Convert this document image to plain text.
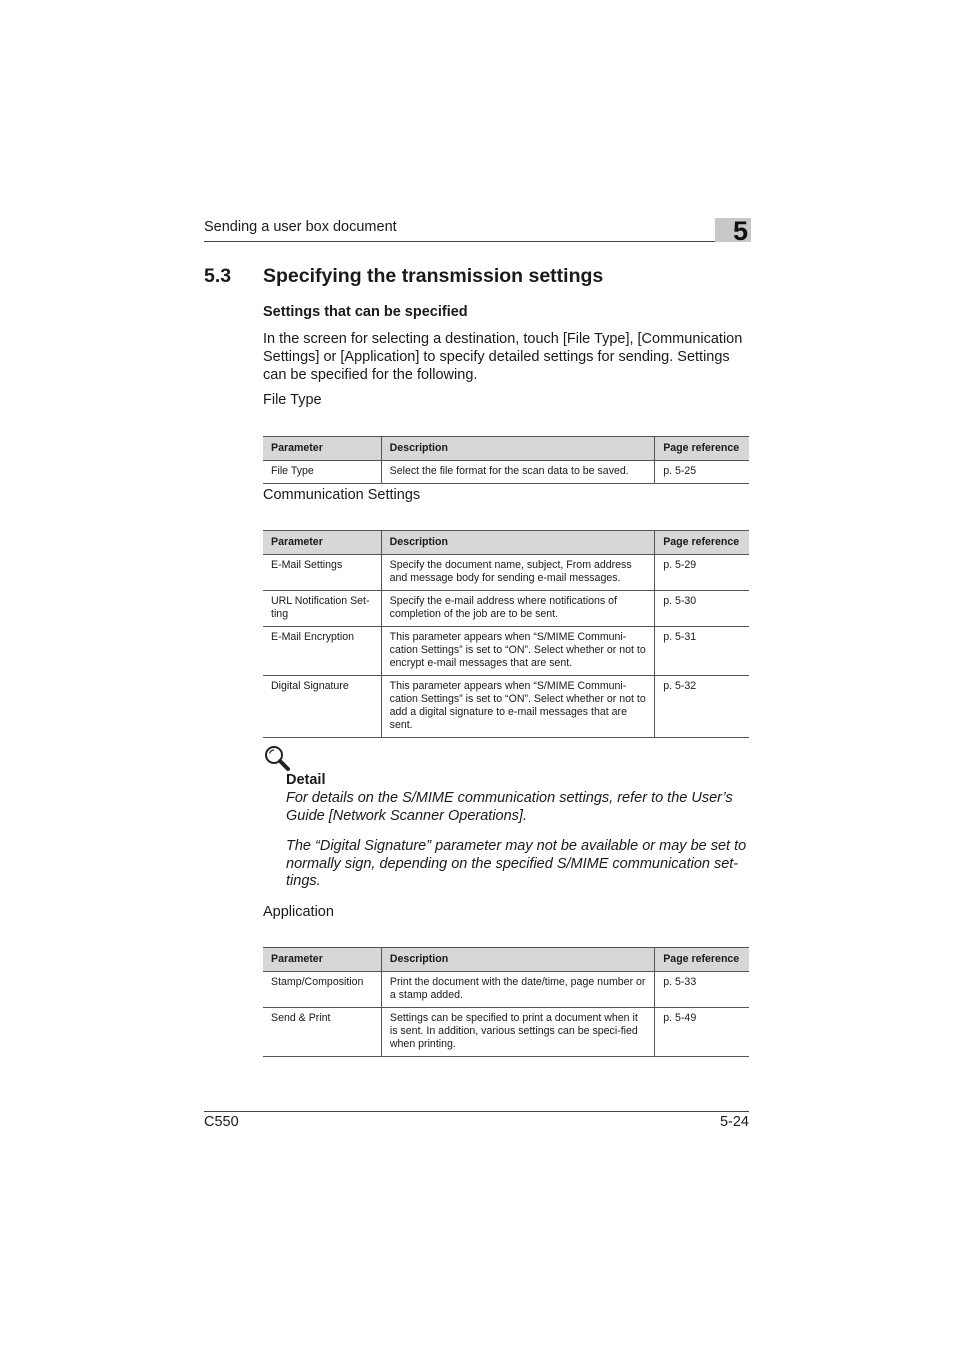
Sending a user box document	5
5.3 Specifying the transmission settings
Settings that can be specified
In the screen for selecting a destination, touch [File Type], [Communication Settings] or [Application] to specify detailed settings for sending. Settings can be specified for the following.
File Type
Parameter	Description	Page reference
File Type	Select the file format for the scan data to be saved.	p. 5-25
Communication Settings
Parameter	Description	Page reference
E-Mail Settings	Specify the document name, subject, From address and message body for sending e-mail messages.	p. 5-29
URL Notification Set-ting	Specify the e-mail address where notifications of completion of the job are to be sent.	p. 5-30
E-Mail Encryption	This parameter appears when “S/MIME Communi-cation Settings” is set to “ON”. Select whether or not to encrypt e-mail messages that are sent.	p. 5-31
Digital Signature	This parameter appears when “S/MIME Communi-cation Settings” is set to “ON”. Select whether or not to add a digital signature to e-mail messages that are sent.	p. 5-32
Detail
For details on the S/MIME communication settings, refer to the User’s Guide [Network Scanner Operations].
The “Digital Signature” parameter may not be available or may be set to normally sign, depending on the specified S/MIME communication set-tings.
Application
Parameter	Description	Page reference
Stamp/Composition	Print the document with the date/time, page number or a stamp added.	p. 5-33
Send & Print	Settings can be specified to print a document when it is sent. In addition, various settings can be speci-fied when printing.	p. 5-49
C550	5-24
